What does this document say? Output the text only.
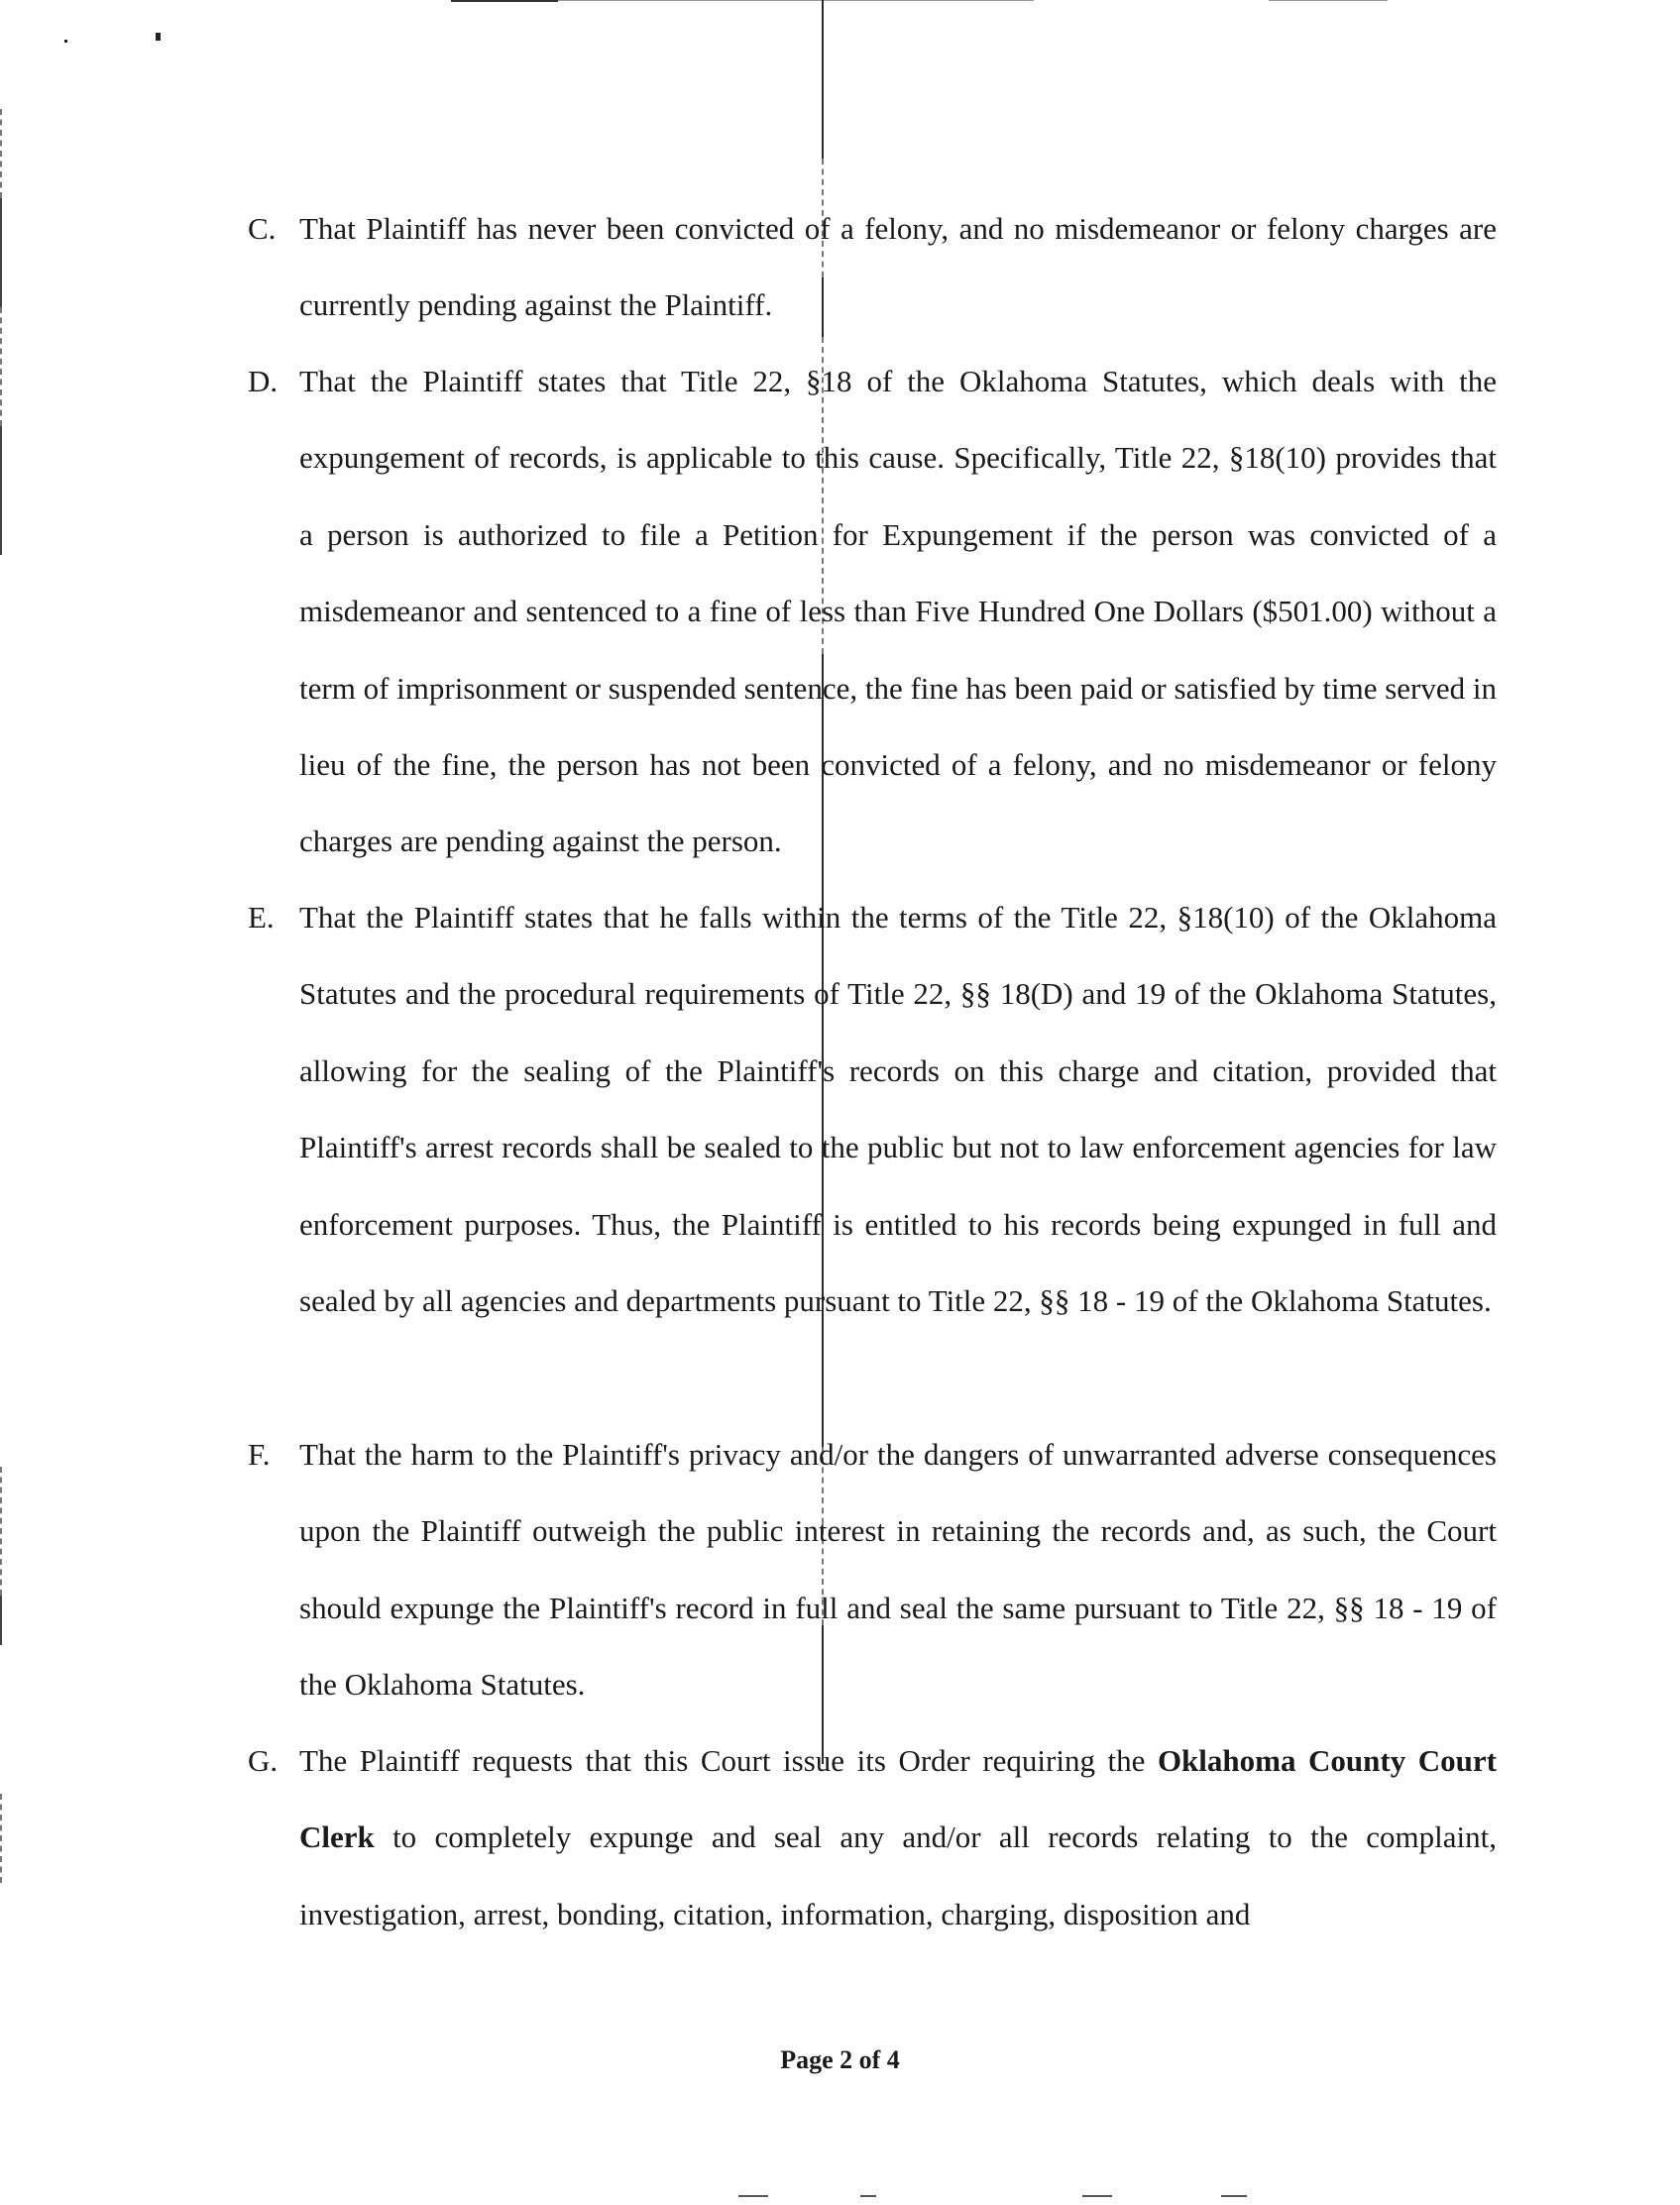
C. That Plaintiff has never been convicted of a felony, and no misdemeanor or felony charges are currently pending against the Plaintiff.
D. That the Plaintiff states that Title 22, §18 of the Oklahoma Statutes, which deals with the expungement of records, is applicable to this cause. Specifically, Title 22, §18(10) provides that a person is authorized to file a Petition for Expungement if the person was convicted of a misdemeanor and sentenced to a fine of less than Five Hundred One Dollars ($501.00) without a term of imprisonment or suspended sentence, the fine has been paid or satisfied by time served in lieu of the fine, the person has not been convicted of a felony, and no misdemeanor or felony charges are pending against the person.
E. That the Plaintiff states that he falls within the terms of the Title 22, §18(10) of the Oklahoma Statutes and the procedural requirements of Title 22, §§ 18(D) and 19 of the Oklahoma Statutes, allowing for the sealing of the Plaintiff's records on this charge and citation, provided that Plaintiff's arrest records shall be sealed to the public but not to law enforcement agencies for law enforcement purposes. Thus, the Plaintiff is entitled to his records being expunged in full and sealed by all agencies and departments pursuant to Title 22, §§ 18 - 19 of the Oklahoma Statutes.
F. That the harm to the Plaintiff's privacy and/or the dangers of unwarranted adverse consequences upon the Plaintiff outweigh the public interest in retaining the records and, as such, the Court should expunge the Plaintiff's record in full and seal the same pursuant to Title 22, §§ 18 - 19 of the Oklahoma Statutes.
G. The Plaintiff requests that this Court issue its Order requiring the Oklahoma County Court Clerk to completely expunge and seal any and/or all records relating to the complaint, investigation, arrest, bonding, citation, information, charging, disposition and
Page 2 of 4
